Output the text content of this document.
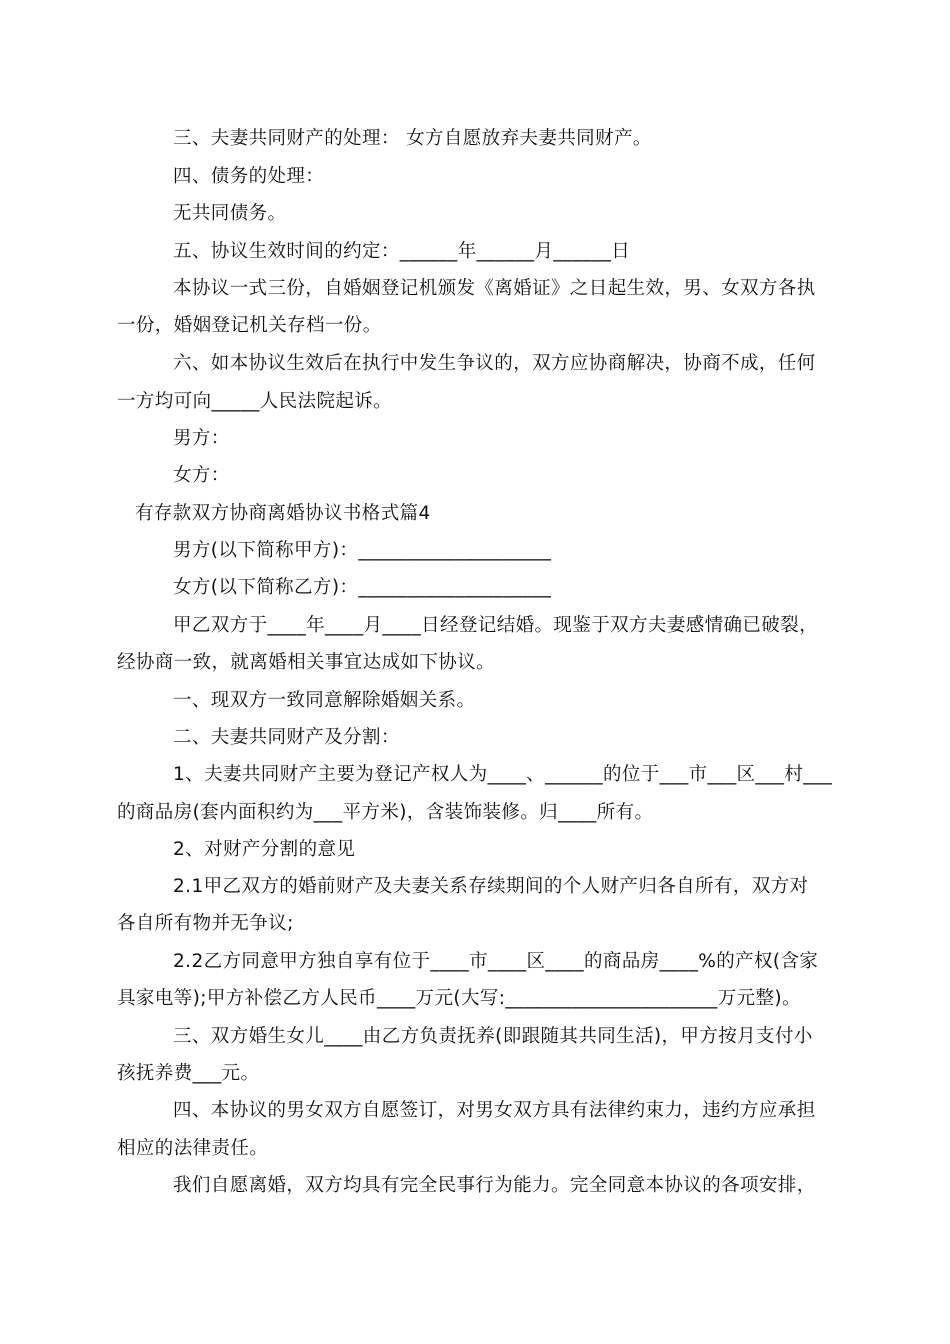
三、夫妻共同财产的处理： 女方自愿放弃夫妻共同财产。
四、债务的处理：
无共同债务。
五、协议生效时间的约定：______年______月______日
本协议一式三份，自婚姻登记机颁发《离婚证》之日起生效，男、女双方各执
一份，婚姻登记机关存档一份。
六、如本协议生效后在执行中发生争议的，双方应协商解决，协商不成，任何
一方均可向_____人民法院起诉。
男方：
女方：
有存款双方协商离婚协议书格式篇4
男方(以下简称甲方)：____________________
女方(以下简称乙方)：____________________
甲乙双方于____年____月____日经登记结婚。现鉴于双方夫妻感情确已破裂，
经协商一致，就离婚相关事宜达成如下协议。
一、现双方一致同意解除婚姻关系。
二、夫妻共同财产及分割：
1、夫妻共同财产主要为登记产权人为____、______的位于___市___区___村___
的商品房(套内面积约为___平方米)，含装饰装修。归____所有。
2、对财产分割的意见
2.1甲乙双方的婚前财产及夫妻关系存续期间的个人财产归各自所有，双方对
各自所有物并无争议;
2.2乙方同意甲方独自享有位于____市____区____的商品房____%的产权(含家
具家电等);甲方补偿乙方人民币____万元(大写:______________________万元整)。
三、双方婚生女儿____由乙方负责抚养(即跟随其共同生活)，甲方按月支付小
孩抚养费___元。
四、本协议的男女双方自愿签订，对男女双方具有法律约束力，违约方应承担
相应的法律责任。
我们自愿离婚，双方均具有完全民事行为能力。完全同意本协议的各项安排，
